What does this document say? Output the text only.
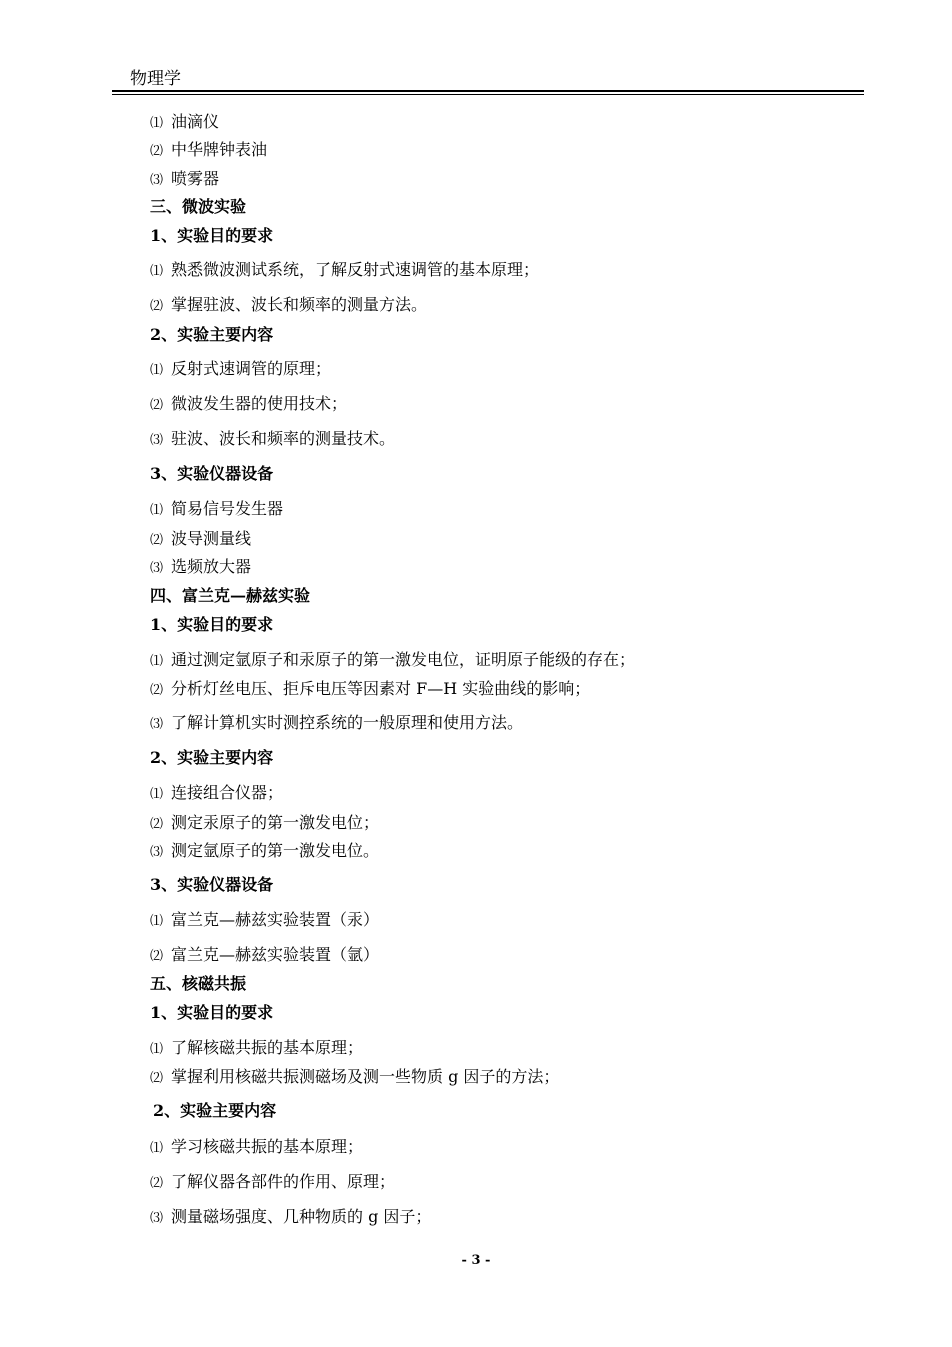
物理学
⑴ 油滴仪
⑵ 中华牌钟表油
⑶ 喷雾器
三、微波实验
1、实验目的要求
⑴ 熟悉微波测试系统，了解反射式速调管的基本原理；
⑵ 掌握驻波、波长和频率的测量方法。
2、实验主要内容
⑴ 反射式速调管的原理；
⑵ 微波发生器的使用技术；
⑶ 驻波、波长和频率的测量技术。
3、实验仪器设备
⑴ 简易信号发生器
⑵ 波导测量线
⑶ 选频放大器
四、富兰克—赫兹实验
1、实验目的要求
⑴ 通过测定氩原子和汞原子的第一激发电位，证明原子能级的存在；
⑵ 分析灯丝电压、拒斥电压等因素对 F—H 实验曲线的影响；
⑶ 了解计算机实时测控系统的一般原理和使用方法。
2、实验主要内容
⑴ 连接组合仪器；
⑵ 测定汞原子的第一激发电位；
⑶ 测定氩原子的第一激发电位。
3、实验仪器设备
⑴ 富兰克—赫兹实验装置（汞）
⑵ 富兰克—赫兹实验装置（氩）
五、核磁共振
1、实验目的要求
⑴ 了解核磁共振的基本原理；
⑵ 掌握利用核磁共振测磁场及测一些物质 g 因子的方法；
2、实验主要内容
⑴ 学习核磁共振的基本原理；
⑵ 了解仪器各部件的作用、原理；
⑶ 测量磁场强度、几种物质的 g 因子；
- 3 -
